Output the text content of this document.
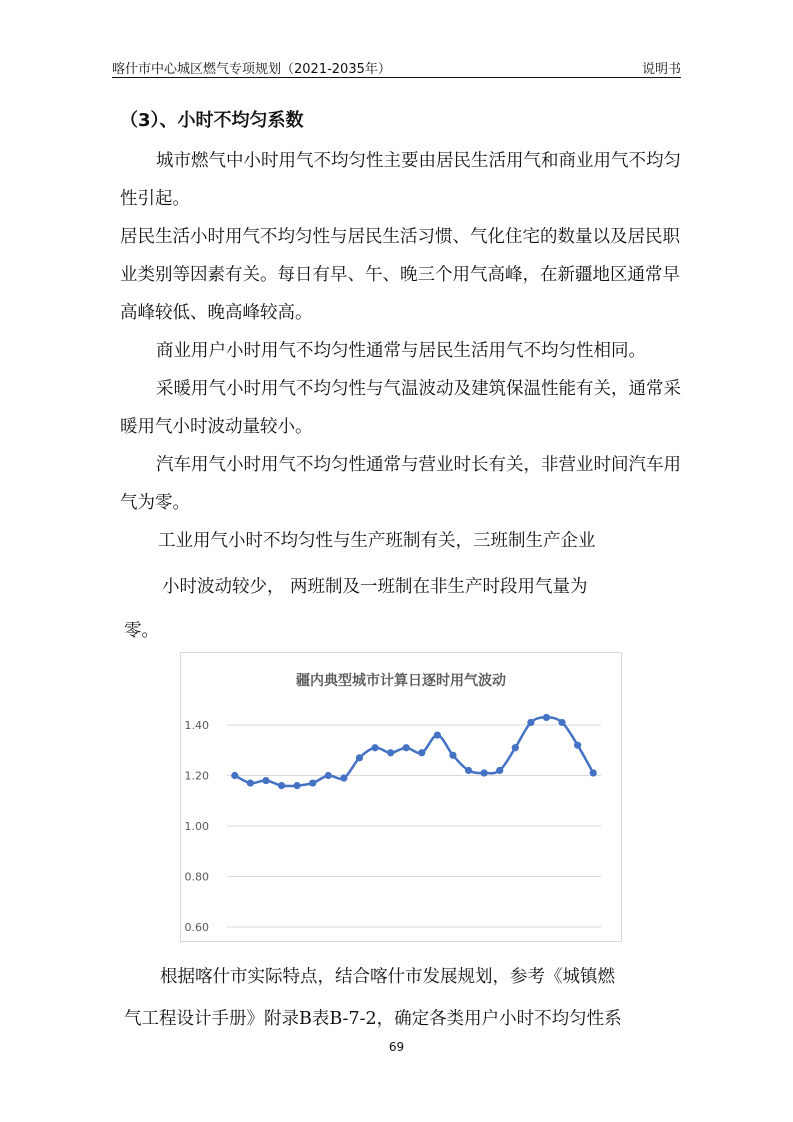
喀什市中心城区燃气专项规划（2021-2035年）	说明书
（3）、小时不均匀系数

城市燃气中小时用气不均匀性主要由居民生活用气和商业用气不均匀性引起。

居民生活小时用气不均匀性与居民生活习惯、气化住宅的数量以及居民职业类别等因素有关。每日有早、午、晚三个用气高峰，在新疆地区通常早高峰较低、晚高峰较高。

商业用户小时用气不均匀性通常与居民生活用气不均匀性相同。

采暖用气小时用气不均匀性与气温波动及建筑保温性能有关，通常采暖用气小时波动量较小。

汽车用气小时用气不均匀性通常与营业时长有关，非营业时间汽车用气为零。

工业用气小时不均匀性与生产班制有关，三班制生产企业

小时波动较少， 两班制及一班制在非生产时段用气量为

零。

疆内典型城市计算日逐时用气波动
1.40
1.20
1.00
0.80
0.60

根据喀什市实际特点，结合喀什市发展规划，参考《城镇燃

气工程设计手册》附录B表B-7-2，确定各类用户小时不均匀性系

69
